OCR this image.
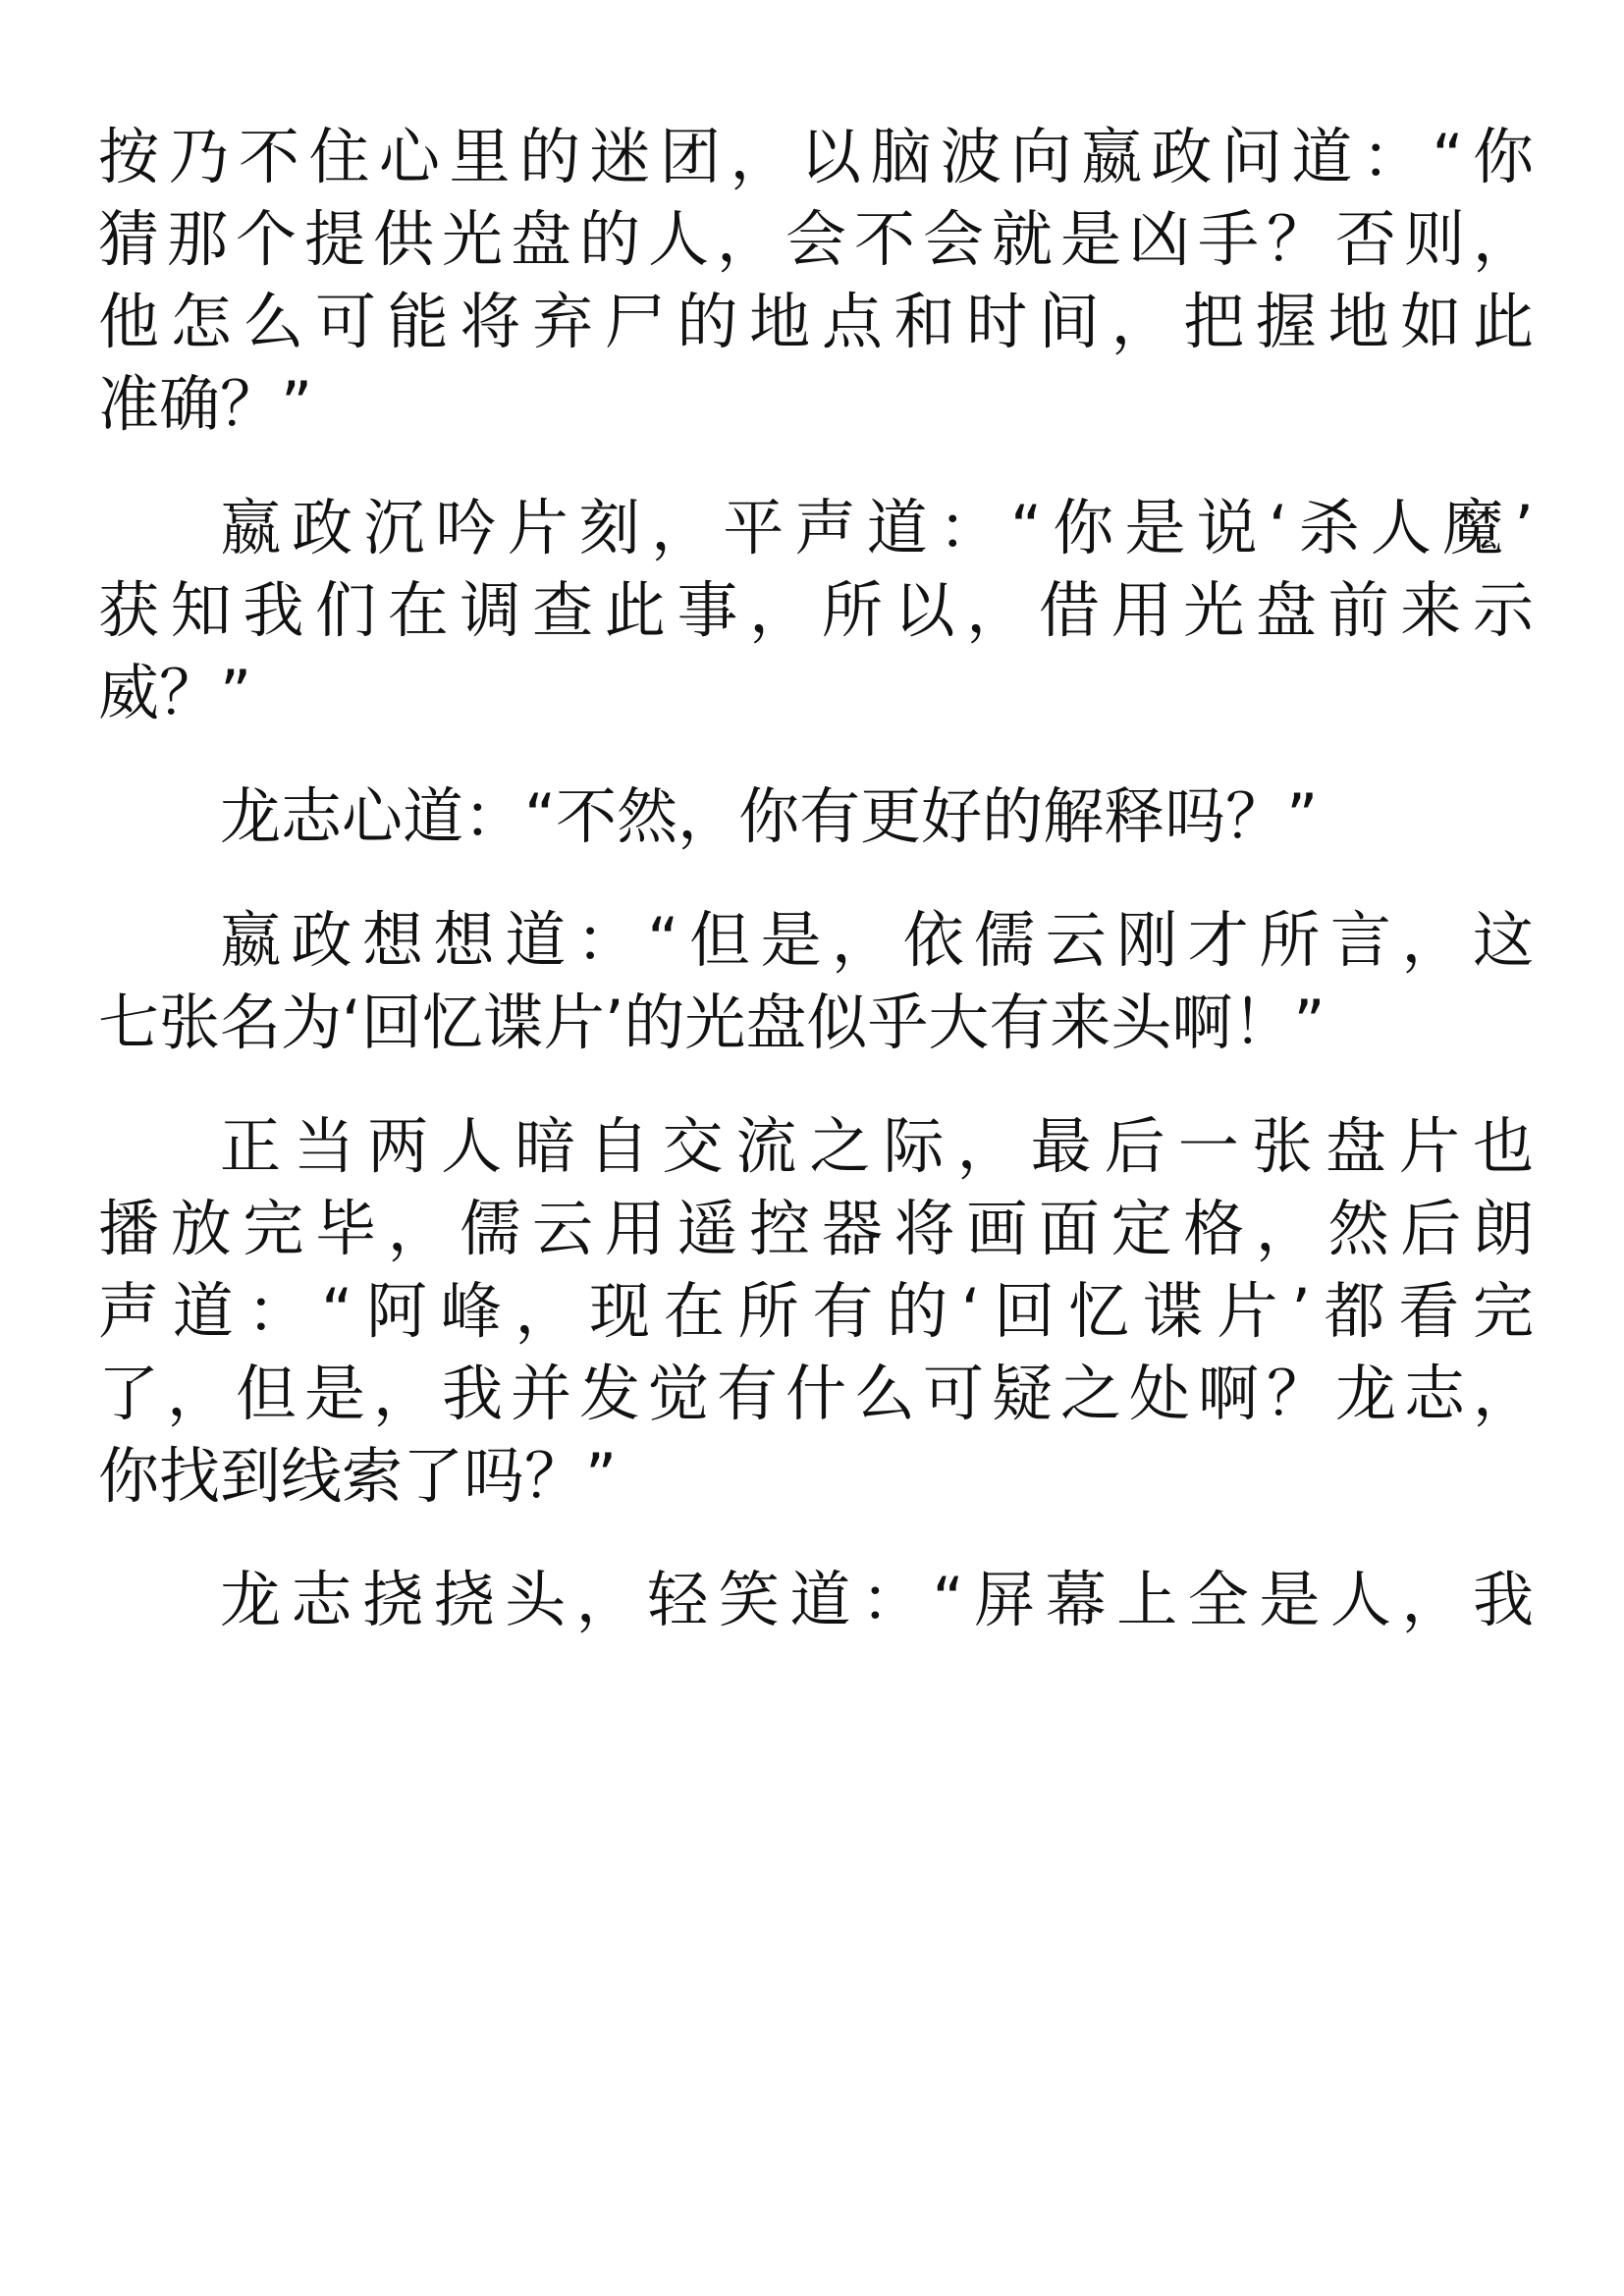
按乃不住心里的迷团，以脑波向嬴政问道：“你
猜那个提供光盘的人，会不会就是凶手？否则，
他怎么可能将弃尸的地点和时间，把握地如此
准确？”
嬴政沉吟片刻，平声道：“你是说‘杀人魔’
获知我们在调查此事，所以，借用光盘前来示
威？”
龙志心道：“不然，你有更好的解释吗？”
嬴政想想道：“但是，依儒云刚才所言，这
七张名为‘回忆谍片’的光盘似乎大有来头啊！”
正当两人暗自交流之际，最后一张盘片也
播放完毕，儒云用遥控器将画面定格，然后朗
声道：“阿峰，现在所有的‘回忆谍片’都看完
了，但是，我并发觉有什么可疑之处啊？龙志，
你找到线索了吗？”
龙志挠挠头，轻笑道：“屏幕上全是人，我
